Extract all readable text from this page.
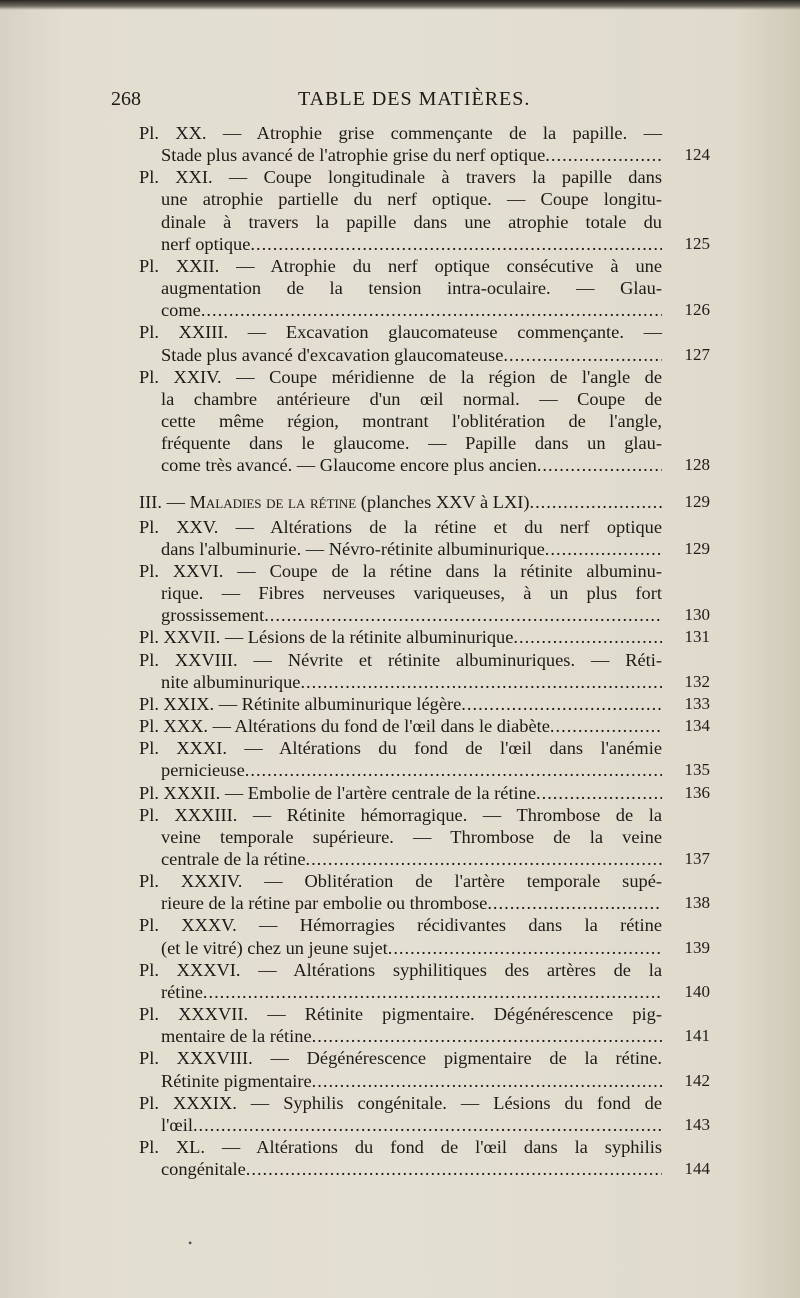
268	TABLE DES MATIÈRES.
Pl. XX. — Atrophie grise commençante de la papille. —
Stade plus avancé de l'atrophie grise du nerf optique .....	124
Pl. XXI. — Coupe longitudinale à travers la papille dans
une atrophie partielle du nerf optique. — Coupe longitu-
dinale à travers la papille dans une atrophie totale du
nerf optique .....	125
Pl. XXII. — Atrophie du nerf optique consécutive à une
augmentation de la tension intra-oculaire. — Glau-
come .....	126
Pl. XXIII. — Excavation glaucomateuse commençante. —
Stade plus avancé d'excavation glaucomateuse .....	127
Pl. XXIV. — Coupe méridienne de la région de l'angle de
la chambre antérieure d'un œil normal. — Coupe de
cette même région, montrant l'oblitération de l'angle,
fréquente dans le glaucome. — Papille dans un glau-
come très avancé. — Glaucome encore plus ancien .....	128
III. — Maladies de la rétine (planches XXV à LXI) .....	129
Pl. XXV. — Altérations de la rétine et du nerf optique
dans l'albuminurie. — Névro-rétinite albuminurique .....	129
Pl. XXVI. — Coupe de la rétine dans la rétinite albuminu-
rique. — Fibres nerveuses variqueuses, à un plus fort
grossissement .....	130
Pl. XXVII. — Lésions de la rétinite albuminurique .....	131
Pl. XXVIII. — Névrite et rétinite albuminuriques. — Réti-
nite albuminurique .....	132
Pl. XXIX. — Rétinite albuminurique légère .....	133
Pl. XXX. — Altérations du fond de l'œil dans le diabète .....	134
Pl. XXXI. — Altérations du fond de l'œil dans l'anémie
pernicieuse .....	135
Pl. XXXII. — Embolie de l'artère centrale de la rétine .....	136
Pl. XXXIII. — Rétinite hémorragique. — Thrombose de la
veine temporale supérieure. — Thrombose de la veine
centrale de la rétine .....	137
Pl. XXXIV. — Oblitération de l'artère temporale supé-
rieure de la rétine par embolie ou thrombose .....	138
Pl. XXXV. — Hémorragies récidivantes dans la rétine
(et le vitré) chez un jeune sujet .....	139
Pl. XXXVI. — Altérations syphilitiques des artères de la
rétine .....	140
Pl. XXXVII. — Rétinite pigmentaire. Dégénérescence pig-
mentaire de la rétine .....	141
Pl. XXXVIII. — Dégénérescence pigmentaire de la rétine.
Rétinite pigmentaire .....	142
Pl. XXXIX. — Syphilis congénitale. — Lésions du fond de
l'œil .....	143
Pl. XL. — Altérations du fond de l'œil dans la syphilis
congénitale .....	144
•
